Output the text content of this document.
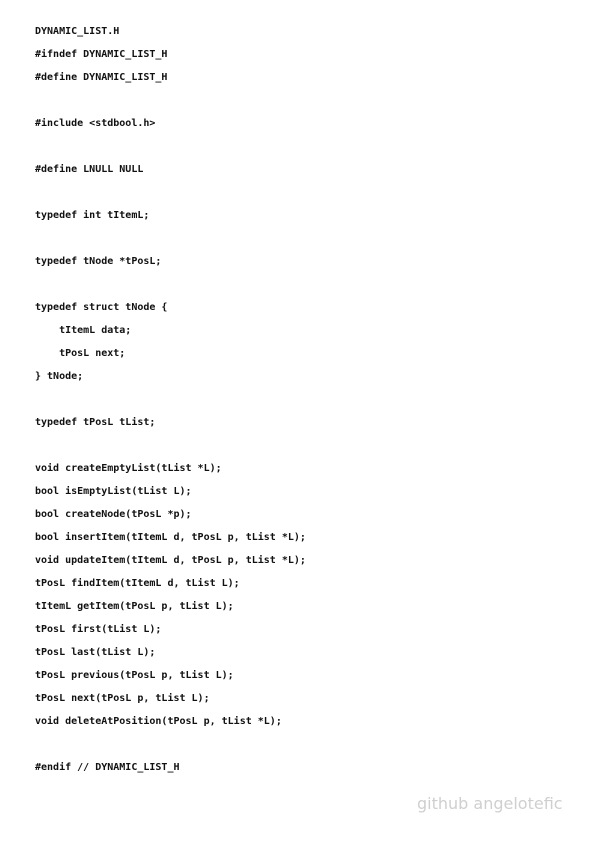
DYNAMIC_LIST.H
#ifndef DYNAMIC_LIST_H
#define DYNAMIC_LIST_H
#include <stdbool.h>
#define LNULL NULL
typedef int tItemL;
typedef tNode *tPosL;
typedef struct tNode {
tItemL data;
tPosL next;
} tNode;
typedef tPosL tList;
void createEmptyList(tList *L);
bool isEmptyList(tList L);
bool createNode(tPosL *p);
bool insertItem(tItemL d, tPosL p, tList *L);
void updateItem(tItemL d, tPosL p, tList *L);
tPosL findItem(tItemL d, tList L);
tItemL getItem(tPosL p, tList L);
tPosL first(tList L);
tPosL last(tList L);
tPosL previous(tPosL p, tList L);
tPosL next(tPosL p, tList L);
void deleteAtPosition(tPosL p, tList *L);
#endif // DYNAMIC_LIST_H
github angelotefic
